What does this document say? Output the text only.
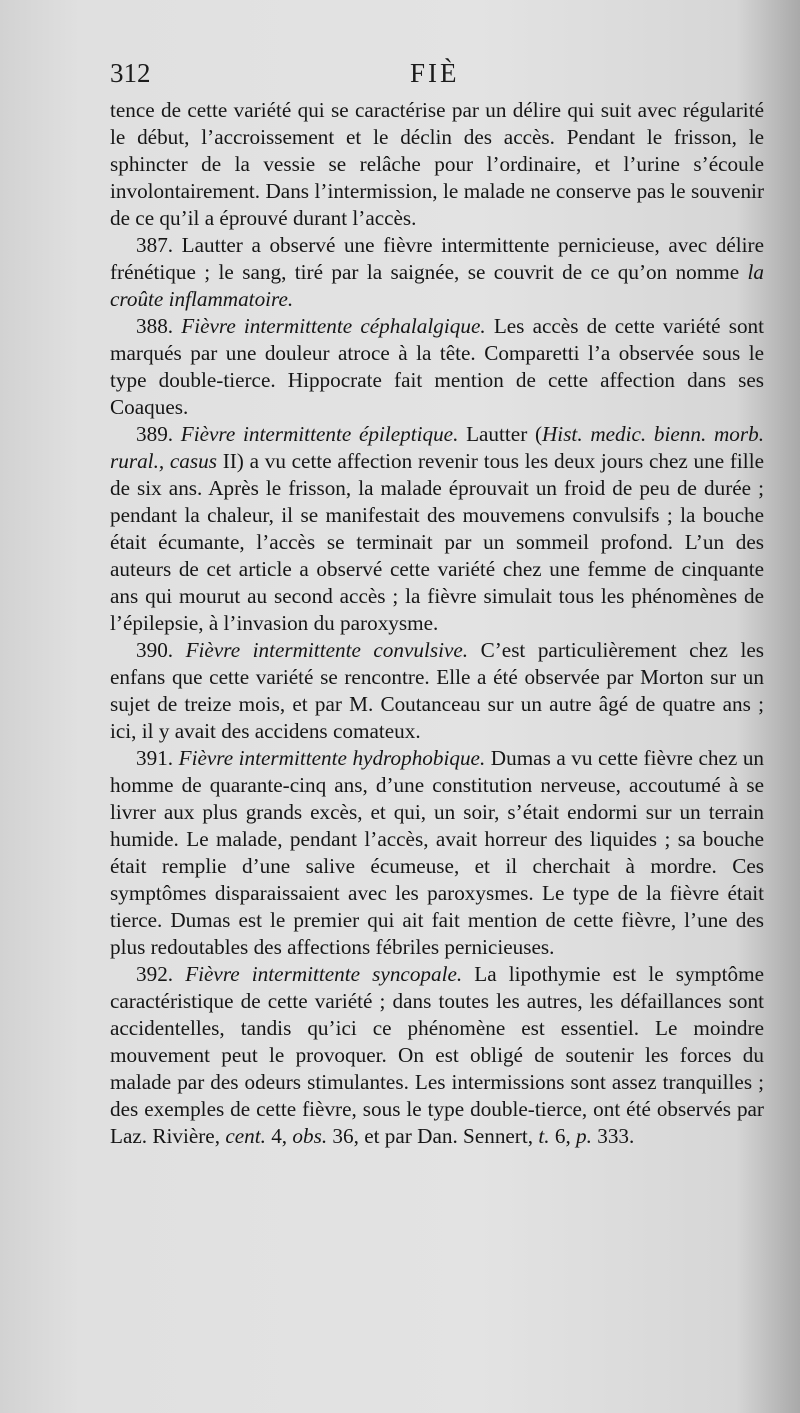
312	FIÈ

tence de cette variété qui se caractérise par un délire qui suit avec régularité le début, l’accroissement et le déclin des accès. Pendant le frisson, le sphincter de la vessie se relâche pour l’ordinaire, et l’urine s’écoule involontairement. Dans l’intermission, le malade ne conserve pas le souvenir de ce qu’il a éprouvé durant l’accès.

387. Lautter a observé une fièvre intermittente pernicieuse, avec délire frénétique ; le sang, tiré par la saignée, se couvrit de ce qu’on nomme la croûte inflammatoire.

388. Fièvre intermittente céphalalgique. Les accès de cette variété sont marqués par une douleur atroce à la tête. Comparetti l’a observée sous le type double-tierce. Hippocrate fait mention de cette affection dans ses Coaques.

389. Fièvre intermittente épileptique. Lautter (Hist. medic. bienn. morb. rural., casus II) a vu cette affection revenir tous les deux jours chez une fille de six ans. Après le frisson, la malade éprouvait un froid de peu de durée ; pendant la chaleur, il se manifestait des mouvemens convulsifs ; la bouche était écumante, l’accès se terminait par un sommeil profond. L’un des auteurs de cet article a observé cette variété chez une femme de cinquante ans qui mourut au second accès ; la fièvre simulait tous les phénomènes de l’épilepsie, à l’invasion du paroxysme.

390. Fièvre intermittente convulsive. C’est particulièrement chez les enfans que cette variété se rencontre. Elle a été observée par Morton sur un sujet de treize mois, et par M. Coutanceau sur un autre âgé de quatre ans ; ici, il y avait des accidens comateux.

391. Fièvre intermittente hydrophobique. Dumas a vu cette fièvre chez un homme de quarante-cinq ans, d’une constitution nerveuse, accoutumé à se livrer aux plus grands excès, et qui, un soir, s’était endormi sur un terrain humide. Le malade, pendant l’accès, avait horreur des liquides ; sa bouche était remplie d’une salive écumeuse, et il cherchait à mordre. Ces symptômes disparaissaient avec les paroxysmes. Le type de la fièvre était tierce. Dumas est le premier qui ait fait mention de cette fièvre, l’une des plus redoutables des affections fébriles pernicieuses.

392. Fièvre intermittente syncopale. La lipothymie est le symptôme caractéristique de cette variété ; dans toutes les autres, les défaillances sont accidentelles, tandis qu’ici ce phénomène est essentiel. Le moindre mouvement peut le provoquer. On est obligé de soutenir les forces du malade par des odeurs stimulantes. Les intermissions sont assez tranquilles ; des exemples de cette fièvre, sous le type double-tierce, ont été observés par Laz. Rivière, cent. 4, obs. 36, et par Dan. Sennert, t. 6, p. 333.
